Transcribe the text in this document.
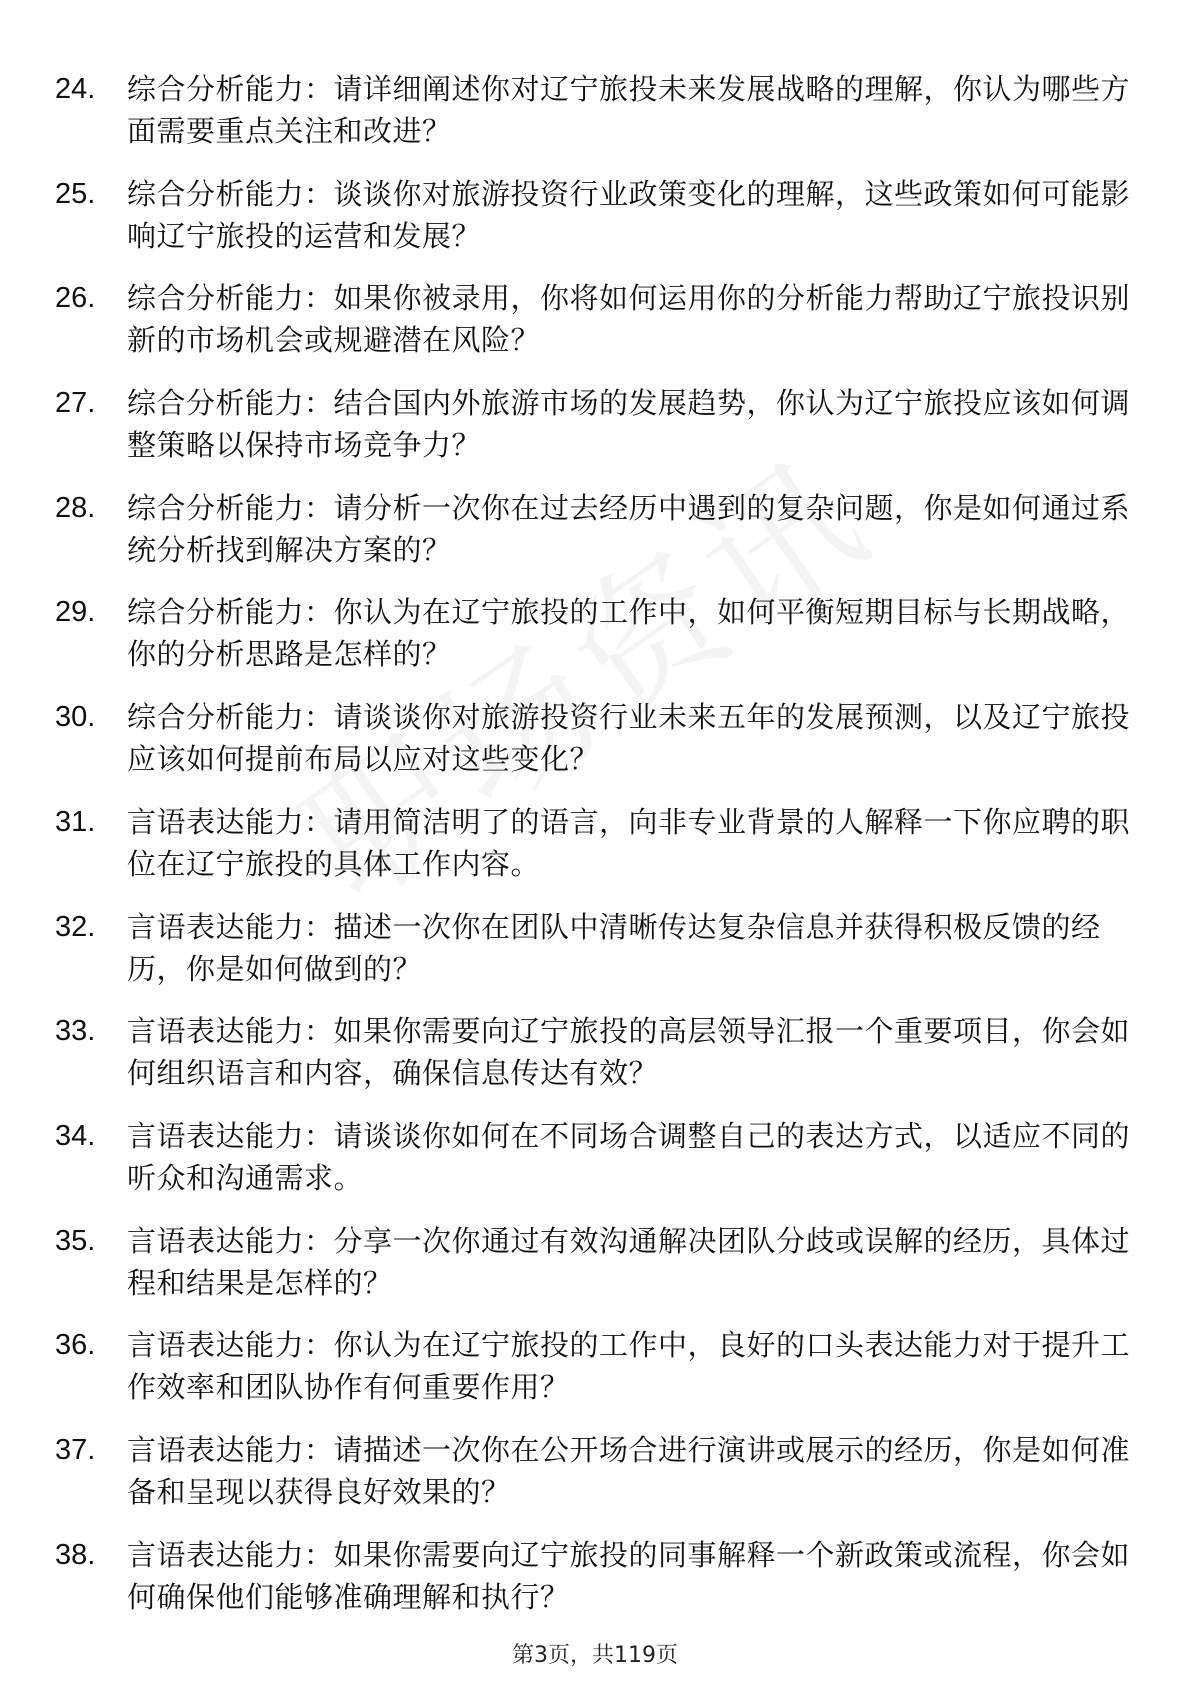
24.	综合分析能力：请详细阐述你对辽宁旅投未来发展战略的理解，你认为哪些方面需要重点关注和改进？
25.	综合分析能力：谈谈你对旅游投资行业政策变化的理解，这些政策如何可能影响辽宁旅投的运营和发展？
26.	综合分析能力：如果你被录用，你将如何运用你的分析能力帮助辽宁旅投识别新的市场机会或规避潜在风险？
27.	综合分析能力：结合国内外旅游市场的发展趋势，你认为辽宁旅投应该如何调整策略以保持市场竞争力？
28.	综合分析能力：请分析一次你在过去经历中遇到的复杂问题，你是如何通过系统分析找到解决方案的？
29.	综合分析能力：你认为在辽宁旅投的工作中，如何平衡短期目标与长期战略，你的分析思路是怎样的？
30.	综合分析能力：请谈谈你对旅游投资行业未来五年的发展预测，以及辽宁旅投应该如何提前布局以应对这些变化？
31.	言语表达能力：请用简洁明了的语言，向非专业背景的人解释一下你应聘的职位在辽宁旅投的具体工作内容。
32.	言语表达能力：描述一次你在团队中清晰传达复杂信息并获得积极反馈的经历，你是如何做到的？
33.	言语表达能力：如果你需要向辽宁旅投的高层领导汇报一个重要项目，你会如何组织语言和内容，确保信息传达有效？
34.	言语表达能力：请谈谈你如何在不同场合调整自己的表达方式，以适应不同的听众和沟通需求。
35.	言语表达能力：分享一次你通过有效沟通解决团队分歧或误解的经历，具体过程和结果是怎样的？
36.	言语表达能力：你认为在辽宁旅投的工作中，良好的口头表达能力对于提升工作效率和团队协作有何重要作用？
37.	言语表达能力：请描述一次你在公开场合进行演讲或展示的经历，你是如何准备和呈现以获得良好效果的？
38.	言语表达能力：如果你需要向辽宁旅投的同事解释一个新政策或流程，你会如何确保他们能够准确理解和执行？
第3页，共119页
